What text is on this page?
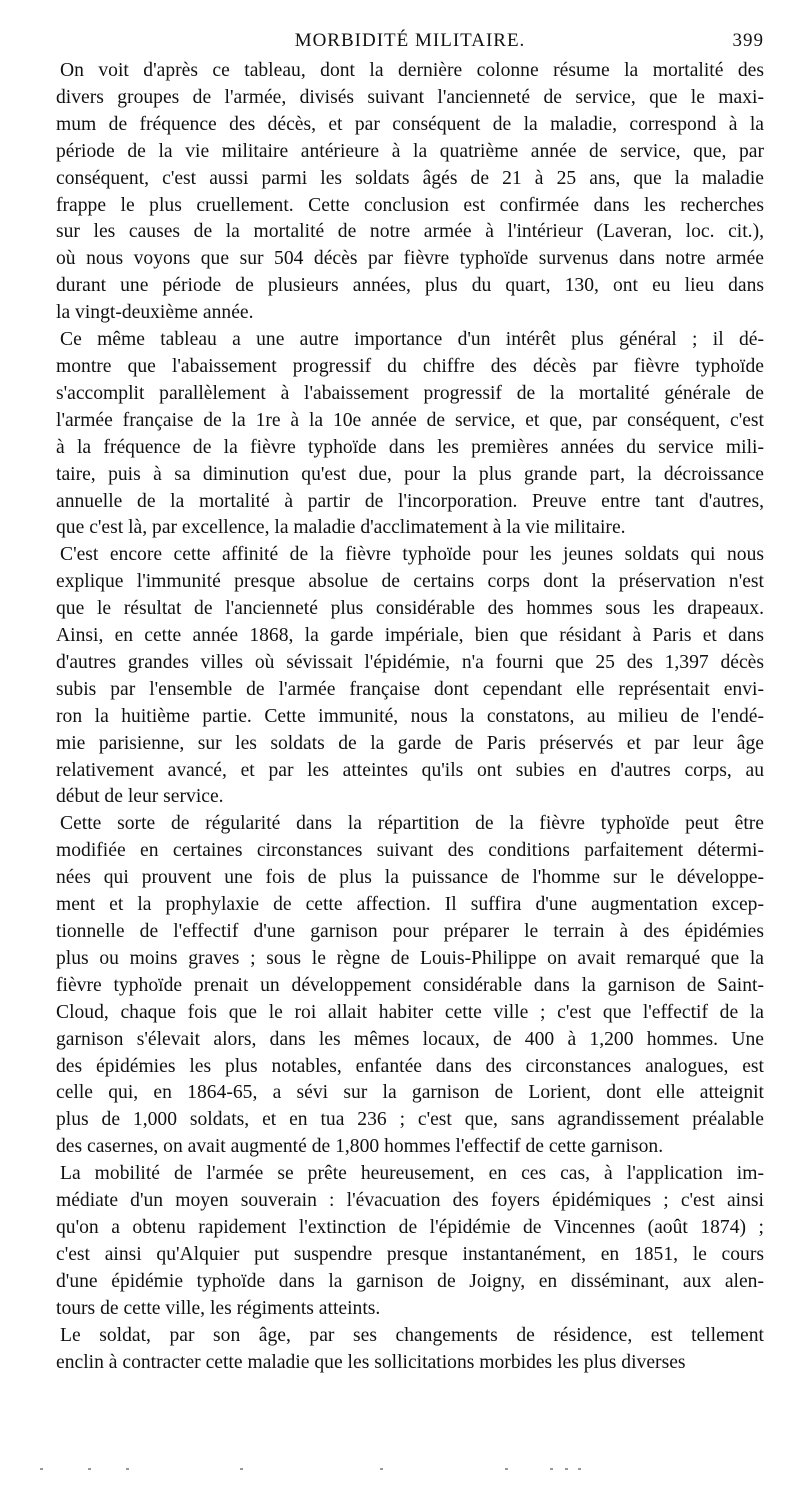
MORBIDITÉ MILITAIRE.	399

On voit d'après ce tableau, dont la dernière colonne résume la mortalité des
divers groupes de l'armée, divisés suivant l'ancienneté de service, que le maxi-
mum de fréquence des décès, et par conséquent de la maladie, correspond à la
période de la vie militaire antérieure à la quatrième année de service, que, par
conséquent, c'est aussi parmi les soldats âgés de 21 à 25 ans, que la maladie
frappe le plus cruellement. Cette conclusion est confirmée dans les recherches
sur les causes de la mortalité de notre armée à l'intérieur (Laveran, loc. cit.),
où nous voyons que sur 504 décès par fièvre typhoïde survenus dans notre armée
durant une période de plusieurs années, plus du quart, 130, ont eu lieu dans
la vingt-deuxième année.

Ce même tableau a une autre importance d'un intérêt plus général ; il dé-
montre que l'abaissement progressif du chiffre des décès par fièvre typhoïde
s'accomplit parallèlement à l'abaissement progressif de la mortalité générale de
l'armée française de la 1re à la 10e année de service, et que, par conséquent, c'est
à la fréquence de la fièvre typhoïde dans les premières années du service mili-
taire, puis à sa diminution qu'est due, pour la plus grande part, la décroissance
annuelle de la mortalité à partir de l'incorporation. Preuve entre tant d'autres,
que c'est là, par excellence, la maladie d'acclimatement à la vie militaire.

C'est encore cette affinité de la fièvre typhoïde pour les jeunes soldats qui nous
explique l'immunité presque absolue de certains corps dont la préservation n'est
que le résultat de l'ancienneté plus considérable des hommes sous les drapeaux.
Ainsi, en cette année 1868, la garde impériale, bien que résidant à Paris et dans
d'autres grandes villes où sévissait l'épidémie, n'a fourni que 25 des 1,397 décès
subis par l'ensemble de l'armée française dont cependant elle représentait envi-
ron la huitième partie. Cette immunité, nous la constatons, au milieu de l'endé-
mie parisienne, sur les soldats de la garde de Paris préservés et par leur âge
relativement avancé, et par les atteintes qu'ils ont subies en d'autres corps, au
début de leur service.

Cette sorte de régularité dans la répartition de la fièvre typhoïde peut être
modifiée en certaines circonstances suivant des conditions parfaitement détermi-
nées qui prouvent une fois de plus la puissance de l'homme sur le développe-
ment et la prophylaxie de cette affection. Il suffira d'une augmentation excep-
tionnelle de l'effectif d'une garnison pour préparer le terrain à des épidémies
plus ou moins graves ; sous le règne de Louis-Philippe on avait remarqué que la
fièvre typhoïde prenait un développement considérable dans la garnison de Saint-
Cloud, chaque fois que le roi allait habiter cette ville ; c'est que l'effectif de la
garnison s'élevait alors, dans les mêmes locaux, de 400 à 1,200 hommes. Une
des épidémies les plus notables, enfantée dans des circonstances analogues, est
celle qui, en 1864-65, a sévi sur la garnison de Lorient, dont elle atteignit
plus de 1,000 soldats, et en tua 236 ; c'est que, sans agrandissement préalable
des casernes, on avait augmenté de 1,800 hommes l'effectif de cette garnison.

La mobilité de l'armée se prête heureusement, en ces cas, à l'application im-
médiate d'un moyen souverain : l'évacuation des foyers épidémiques ; c'est ainsi
qu'on a obtenu rapidement l'extinction de l'épidémie de Vincennes (août 1874) ;
c'est ainsi qu'Alquier put suspendre presque instantanément, en 1851, le cours
d'une épidémie typhoïde dans la garnison de Joigny, en disséminant, aux alen-
tours de cette ville, les régiments atteints.

Le soldat, par son âge, par ses changements de résidence, est tellement
enclin à contracter cette maladie que les sollicitations morbides les plus diverses
